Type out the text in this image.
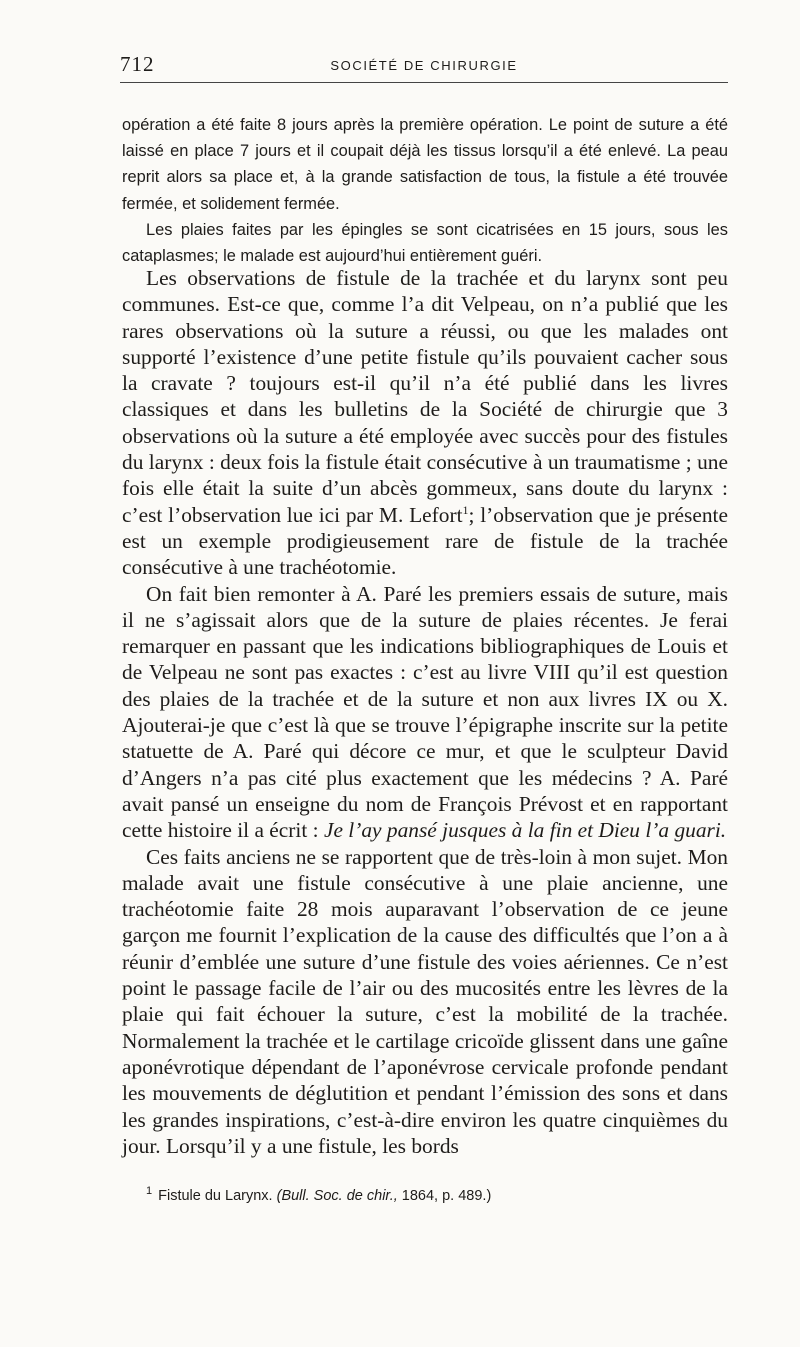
712	SOCIÉTÉ DE CHIRURGIE

opération a été faite 8 jours après la première opération. Le point de suture a été laissé en place 7 jours et il coupait déjà les tissus lorsqu’il a été enlevé. La peau reprit alors sa place et, à la grande satisfaction de tous, la fistule a été trouvée fermée, et solidement fermée.

Les plaies faites par les épingles se sont cicatrisées en 15 jours, sous les cataplasmes; le malade est aujourd’hui entièrement guéri.

Les observations de fistule de la trachée et du larynx sont peu communes. Est-ce que, comme l’a dit Velpeau, on n’a publié que les rares observations où la suture a réussi, ou que les malades ont supporté l’existence d’une petite fistule qu’ils pouvaient cacher sous la cravate ? toujours est-il qu’il n’a été publié dans les livres classiques et dans les bulletins de la Société de chirurgie que 3 observations où la suture a été employée avec succès pour des fistules du larynx : deux fois la fistule était consécutive à un traumatisme ; une fois elle était la suite d’un abcès gommeux, sans doute du larynx : c’est l’observation lue ici par M. Lefort$^1$; l’observation que je présente est un exemple prodigieusement rare de fistule de la trachée consécutive à une trachéotomie.

On fait bien remonter à A. Paré les premiers essais de suture, mais il ne s’agissait alors que de la suture de plaies récentes. Je ferai remarquer en passant que les indications bibliographiques de Louis et de Velpeau ne sont pas exactes : c’est au livre VIII qu’il est question des plaies de la trachée et de la suture et non aux livres IX ou X. Ajouterai-je que c’est là que se trouve l’épigraphe inscrite sur la petite statuette de A. Paré qui décore ce mur, et que le sculpteur David d’Angers n’a pas cité plus exactement que les médecins ? A. Paré avait pansé un enseigne du nom de François Prévost et en rapportant cette histoire il a écrit : Je l’ay pansé jusques à la fin et Dieu l’a guari.

Ces faits anciens ne se rapportent que de très-loin à mon sujet. Mon malade avait une fistule consécutive à une plaie ancienne, une trachéotomie faite 28 mois auparavant l’observation de ce jeune garçon me fournit l’explication de la cause des difficultés que l’on a à réunir d’emblée une suture d’une fistule des voies aériennes. Ce n’est point le passage facile de l’air ou des mucosités entre les lèvres de la plaie qui fait échouer la suture, c’est la mobilité de la trachée. Normalement la trachée et le cartilage cricoïde glissent dans une gaîne aponévrotique dépendant de l’aponévrose cervicale profonde pendant les mouvements de déglutition et pendant l’émission des sons et dans les grandes inspirations, c’est-à-dire environ les quatre cinquièmes du jour. Lorsqu’il y a une fistule, les bords

$^1$ Fistule du Larynx. (Bull. Soc. de chir., 1864, p. 489.)
